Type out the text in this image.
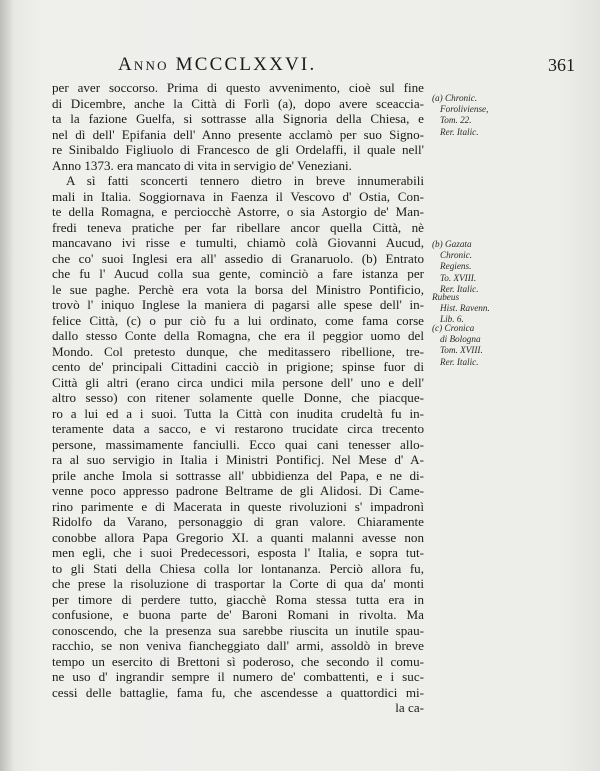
Anno MCCCLXXVI.	361
per aver soccorso. Prima di questo avvenimento, cioè sul fine
di Dicembre, anche la Città di Forlì (a), dopo avere sceaccia-
ta la fazione Guelfa, si sottrasse alla Signoria della Chiesa, e
nel dì dell' Epifania dell' Anno presente acclamò per suo Signo-
re Sinibaldo Figliuolo di Francesco de gli Ordelaffi, il quale nell'
Anno 1373. era mancato di vita in servigio de' Veneziani.
A sì fatti sconcerti tennero dietro in breve innumerabili
mali in Italia. Soggiornava in Faenza il Vescovo d' Ostia, Con-
te della Romagna, e perciocchè Astorre, o sia Astorgio de' Man-
fredi teneva pratiche per far ribellare ancor quella Città, nè
mancavano ivi risse e tumulti, chiamò colà Giovanni Aucud,
che co' suoi Inglesi era all' assedio di Granaruolo. (b) Entrato
che fu l' Aucud colla sua gente, cominciò a fare istanza per
le sue paghe. Perchè era vota la borsa del Ministro Pontificio,
trovò l' iniquo Inglese la maniera di pagarsi alle spese dell' in-
felice Città, (c) o pur ciò fu a lui ordinato, come fama corse
dallo stesso Conte della Romagna, che era il peggior uomo del
Mondo. Col pretesto dunque, che meditassero ribellione, tre-
cento de' principali Cittadini cacciò in prigione; spinse fuor di
Città gli altri (erano circa undici mila persone dell' uno e dell'
altro sesso) con ritener solamente quelle Donne, che piacque-
ro a lui ed a i suoi. Tutta la Città con inudita crudeltà fu in-
teramente data a sacco, e vi restarono trucidate circa trecento
persone, massimamente fanciulli. Ecco quai cani tenesser allo-
ra al suo servigio in Italia i Ministri Pontificj. Nel Mese d' A-
prile anche Imola si sottrasse all' ubbidienza del Papa, e ne di-
venne poco appresso padrone Beltrame de gli Alidosi. Di Came-
rino parimente e di Macerata in queste rivoluzioni s' impadronì
Ridolfo da Varano, personaggio di gran valore. Chiaramente
conobbe allora Papa Gregorio XI. a quanti malanni avesse non
men egli, che i suoi Predecessori, esposta l' Italia, e sopra tut-
to gli Stati della Chiesa colla lor lontananza. Perciò allora fu,
che prese la risoluzione di trasportar la Corte di qua da' monti
per timore di perdere tutto, giacchè Roma stessa tutta era in
confusione, e buona parte de' Baroni Romani in rivolta. Ma
conoscendo, che la presenza sua sarebbe riuscita un inutile spau-
racchio, se non veniva fiancheggiato dall' armi, assoldò in breve
tempo un esercito di Brettoni sì poderoso, che secondo il comu-
ne uso d' ingrandir sempre il numero de' combattenti, e i suc-
cessi delle battaglie, fama fu, che ascendesse a quattordici mi-
la ca-
(a) Chronic.
Foroliviense,
Tom. 22.
Rer. Italic.
(b) Gazata
Chronic.
Regiens.
To. XVIII.
Rer. Italic.
Rubeus
Hist. Ravenn.
Lib. 6.
(c) Cronica
di Bologna
Tom. XVIII.
Rer. Italic.
